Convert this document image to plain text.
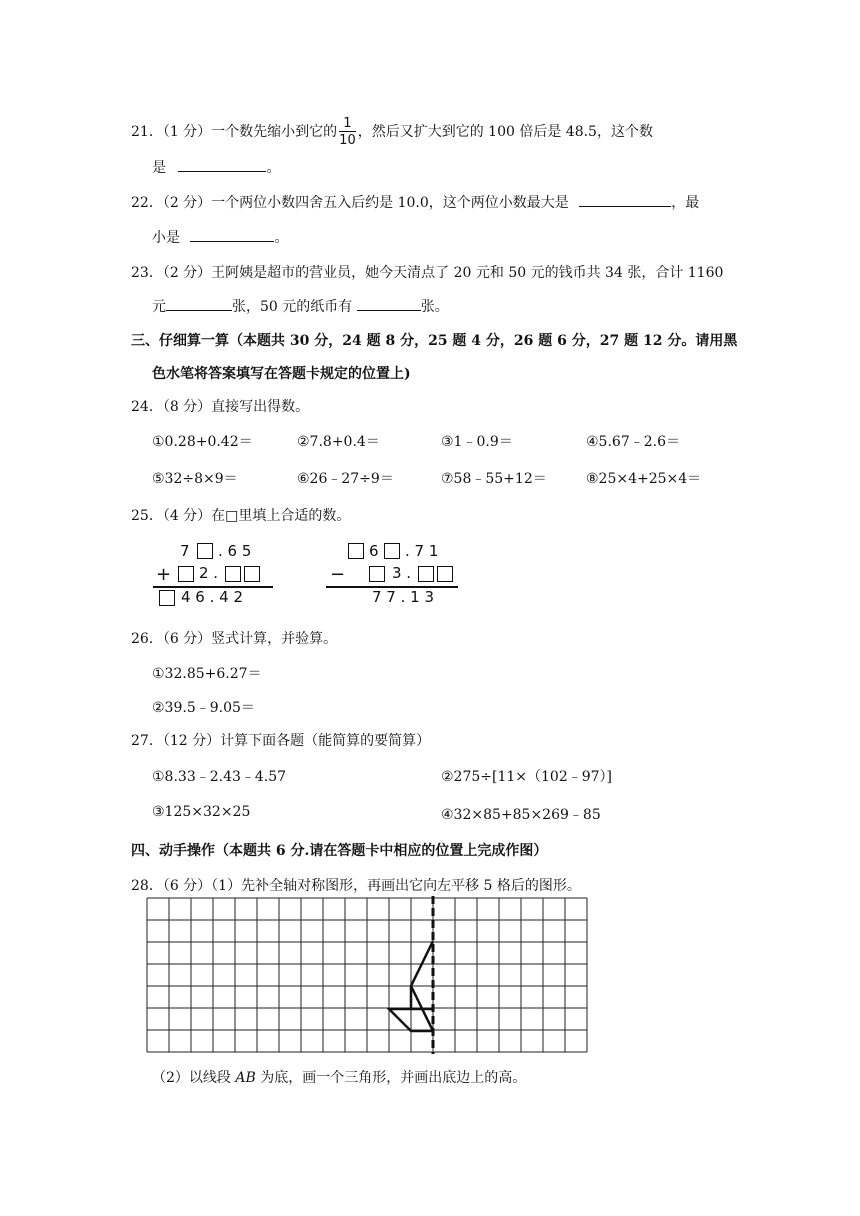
21．（1 分）一个数先缩小到它的 $\frac{1}{10}$ ，然后又扩大到它的 100 倍后是 48.5，这个数
是	。
22．（2 分）一个两位小数四舍五入后约是 10.0，这个两位小数最大是	，最
小是	。
23．（2 分）王阿姨是超市的营业员，她今天清点了 20 元和 50 元的钱币共 34 张，合计 1160
元	张，50 元的纸币有	张。
三、仔细算一算（本题共 30 分，24 题 8 分，25 题 4 分，26 题 6 分，27 题 12 分。请用黑
色水笔将答案填写在答题卡规定的位置上)
24．（8 分）直接写出得数。
①0.28+0.42＝	②7.8+0.4＝	③1﹣0.9＝	④5.67﹣2.6＝
⑤32÷8×9＝	⑥26﹣27÷9＝	⑦58﹣55+12＝	⑧25×4+25×4＝
25．（4 分）在□里填上合适的数。
7 . 6 5
+ 2 .
4 6 . 4 2
6 . 7 1
−	3 .
7 7 . 1 3
26．（6 分）竖式计算，并验算。
①32.85+6.27＝
②39.5﹣9.05＝
27．（12 分）计算下面各题（能简算的要简算）
①8.33﹣2.43﹣4.57	②275÷[11×（102﹣97）]
③125×32×25	④32×85+85×269﹣85
四、动手操作（本题共 6 分.请在答题卡中相应的位置上完成作图）
28．（6 分）（1）先补全轴对称图形，再画出它向左平移 5 格后的图形。
（2）以线段 AB 为底，画一个三角形，并画出底边上的高。
